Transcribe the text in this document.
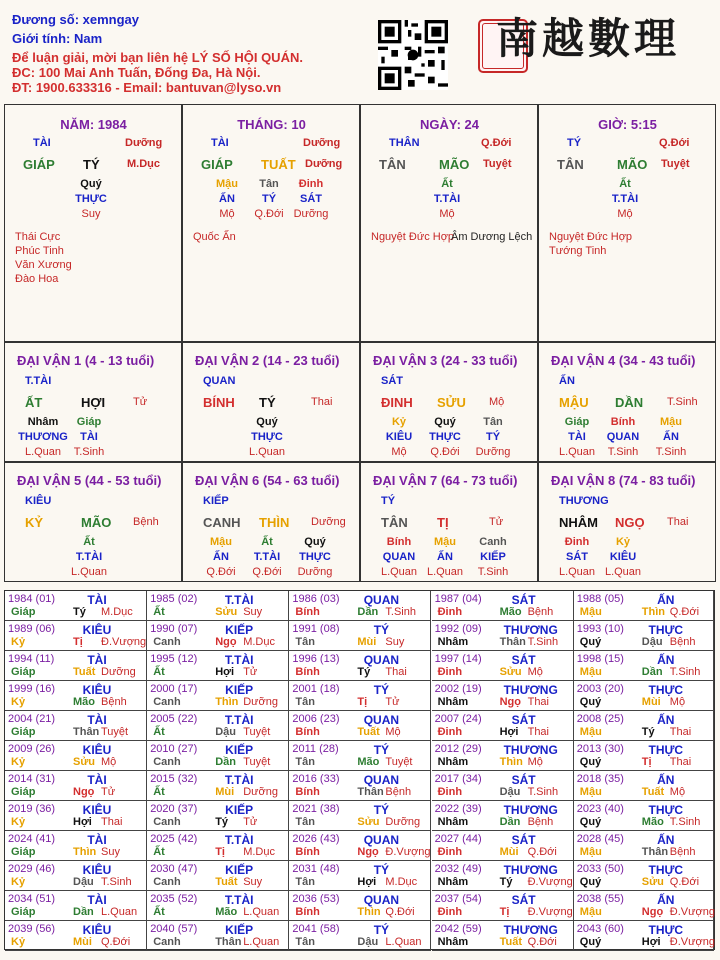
Đương số: xemngay
Giới tính: Nam
Để luận giải, mời bạn liên hệ LÝ SỐ HỘI QUÁN.
ĐC: 100 Mai Anh Tuấn, Đống Đa, Hà Nội.
ĐT: 1900.633316 - Email: bantuvan@lyso.vn
南越數理
NĂM: 1984
TÀI	Dưỡng
GIÁP TÝ M.Dục
Quý
THỰC
Suy
Thái Cực
Phúc Tinh
Văn Xương
Đào Hoa
THÁNG: 10
TÀI	Dưỡng
GIÁP TUẤT Dưỡng
Mậu	Tân	Đinh
ẤN	TÝ	SÁT
Mộ	Q.Đới Dưỡng
Quốc Ấn
NGÀY: 24
THÂN	Q.Đới
TÂN	MÃO Tuyệt
Ất
T.TÀI
Mộ
Nguyệt Đức Hợp
Âm Dương Lệch
GIỜ: 5:15
TÝ	Q.Đới
TÂN	MÃO Tuyệt
Ất
T.TÀI
Mộ
Nguyệt Đức Hợp
Tướng Tinh
ĐẠI VẬN 1 (4 - 13 tuổi)
T.TÀI
ẤT	HỢI	Tử
Nhâm	Giáp
THƯƠNG	TÀI
L.Quan	T.Sinh
ĐẠI VẬN 2 (14 - 23 tuổi)
QUAN
BÍNH TÝ	Thai
Quý
THỰC
L.Quan
ĐẠI VẬN 3 (24 - 33 tuổi)
SÁT
ĐINH SỬU Mộ
Kỷ	Quý	Tân
KIÊU	THỰC	TÝ
Mộ	Q.Đới	Dưỡng
ĐẠI VẬN 4 (34 - 43 tuổi)
ẤN
MẬU DẦN T.Sinh
Giáp	Bính	Mậu
TÀI	QUAN	ẤN
L.Quan	T.Sinh	T.Sinh
ĐẠI VẬN 5 (44 - 53 tuổi)
KIÊU
KỶ	MÃO Bệnh
Ất
T.TÀI
L.Quan
ĐẠI VẬN 6 (54 - 63 tuổi)
KIẾP
CANH THÌN Dưỡng
Mậu	Ất	Quý
ẤN	T.TÀI	THỰC
Q.Đới	Q.Đới	Dưỡng
ĐẠI VẬN 7 (64 - 73 tuổi)
TÝ
TÂN TỊ	Tử
Bính	Mậu	Canh
QUAN	ẤN	KIẾP
L.Quan L.Quan	T.Sinh
ĐẠI VẬN 8 (74 - 83 tuổi)
THƯƠNG
NHÂM NGỌ Thai
Đinh	Kỷ
SÁT	KIÊU
L.Quan L.Quan
1984 (01)	TÀI
Giáp	Tý M.Dục
1985 (02)	T.TÀI
Ất	Sửu Suy
1986 (03) QUAN
Bính	Dần T.Sinh
1987 (04)	SÁT
Đinh	Mão Bệnh
1988 (05)	ẤN
Mậu	Thìn Q.Đới
1989 (06)	KIÊU
Kỷ	Tị Đ.Vượng
1990 (07)	KIẾP
Canh	Ngọ M.Dục
1991 (08)	TÝ
Tân	Mùi Suy
1992 (09) THƯƠNG
Nhâm	Thân T.Sinh
1993 (10) THỰC
Quý	Dậu Bệnh
1994 (11)	TÀI
Giáp	Tuất Dưỡng
1995 (12)	T.TÀI
Ất	Hợi Tử
1996 (13) QUAN
Bính	Tý Thai
1997 (14)	SÁT
Đinh	Sửu Mộ
1998 (15)	ẤN
Mậu	Dần T.Sinh
1999 (16)	KIÊU
Kỷ	Mão Bệnh
2000 (17)	KIẾP
Canh	Thìn Dưỡng
2001 (18)	TÝ
Tân	Tị Tử
2002 (19) THƯƠNG
Nhâm	Ngọ Thai
2003 (20) THỰC
Quý	Mùi Mộ
2004 (21)	TÀI
Giáp	Thân Tuyệt
2005 (22)	T.TÀI
Ất	Dậu Tuyệt
2006 (23) QUAN
Bính	Tuất Mộ
2007 (24)	SÁT
Đinh	Hợi Thai
2008 (25)	ẤN
Mậu	Tý Thai
2009 (26)	KIÊU
Kỷ	Sửu Mộ
2010 (27)	KIẾP
Canh	Dần Tuyệt
2011 (28)	TÝ
Tân	Mão Tuyệt
2012 (29) THƯƠNG
Nhâm	Thìn Mộ
2013 (30) THỰC
Quý	Tị Thai
2014 (31)	TÀI
Giáp	Ngọ Tử
2015 (32)	T.TÀI
Ất	Mùi Dưỡng
2016 (33) QUAN
Bính	Thân Bệnh
2017 (34)	SÁT
Đinh	Dậu T.Sinh
2018 (35)	ẤN
Mậu	Tuất Mộ
2019 (36)	KIÊU
Kỷ	Hợi Thai
2020 (37)	KIẾP
Canh	Tý Tử
2021 (38)	TÝ
Tân	Sửu Dưỡng
2022 (39) THƯƠNG
Nhâm	Dần Bệnh
2023 (40) THỰC
Quý	Mão T.Sinh
2024 (41)	TÀI
Giáp	Thìn Suy
2025 (42)	T.TÀI
Ất	Tị M.Dục
2026 (43) QUAN
Bính	Ngọ Đ.Vượng
2027 (44)	SÁT
Đinh	Mùi Q.Đới
2028 (45)	ẤN
Mậu	Thân Bệnh
2029 (46)	KIÊU
Kỷ	Dậu T.Sinh
2030 (47)	KIẾP
Canh	Tuất Suy
2031 (48)	TÝ
Tân	Hợi M.Dục
2032 (49) THƯƠNG
Nhâm	Tý Đ.Vượng
2033 (50) THỰC
Quý	Sửu Q.Đới
2034 (51)	TÀI
Giáp	Dần L.Quan
2035 (52)	T.TÀI
Ất	Mão L.Quan
2036 (53) QUAN
Bính	Thìn Q.Đới
2037 (54)	SÁT
Đinh	Tị Đ.Vượng
2038 (55)	ẤN
Mậu	Ngọ Đ.Vượng
2039 (56)	KIÊU
Kỷ	Mùi Q.Đới
2040 (57)	KIẾP
Canh	Thân L.Quan
2041 (58)	TÝ
Tân	Dậu L.Quan
2042 (59) THƯƠNG
Nhâm	Tuất Q.Đới
2043 (60) THỰC
Quý	Hợi Đ.Vượng
